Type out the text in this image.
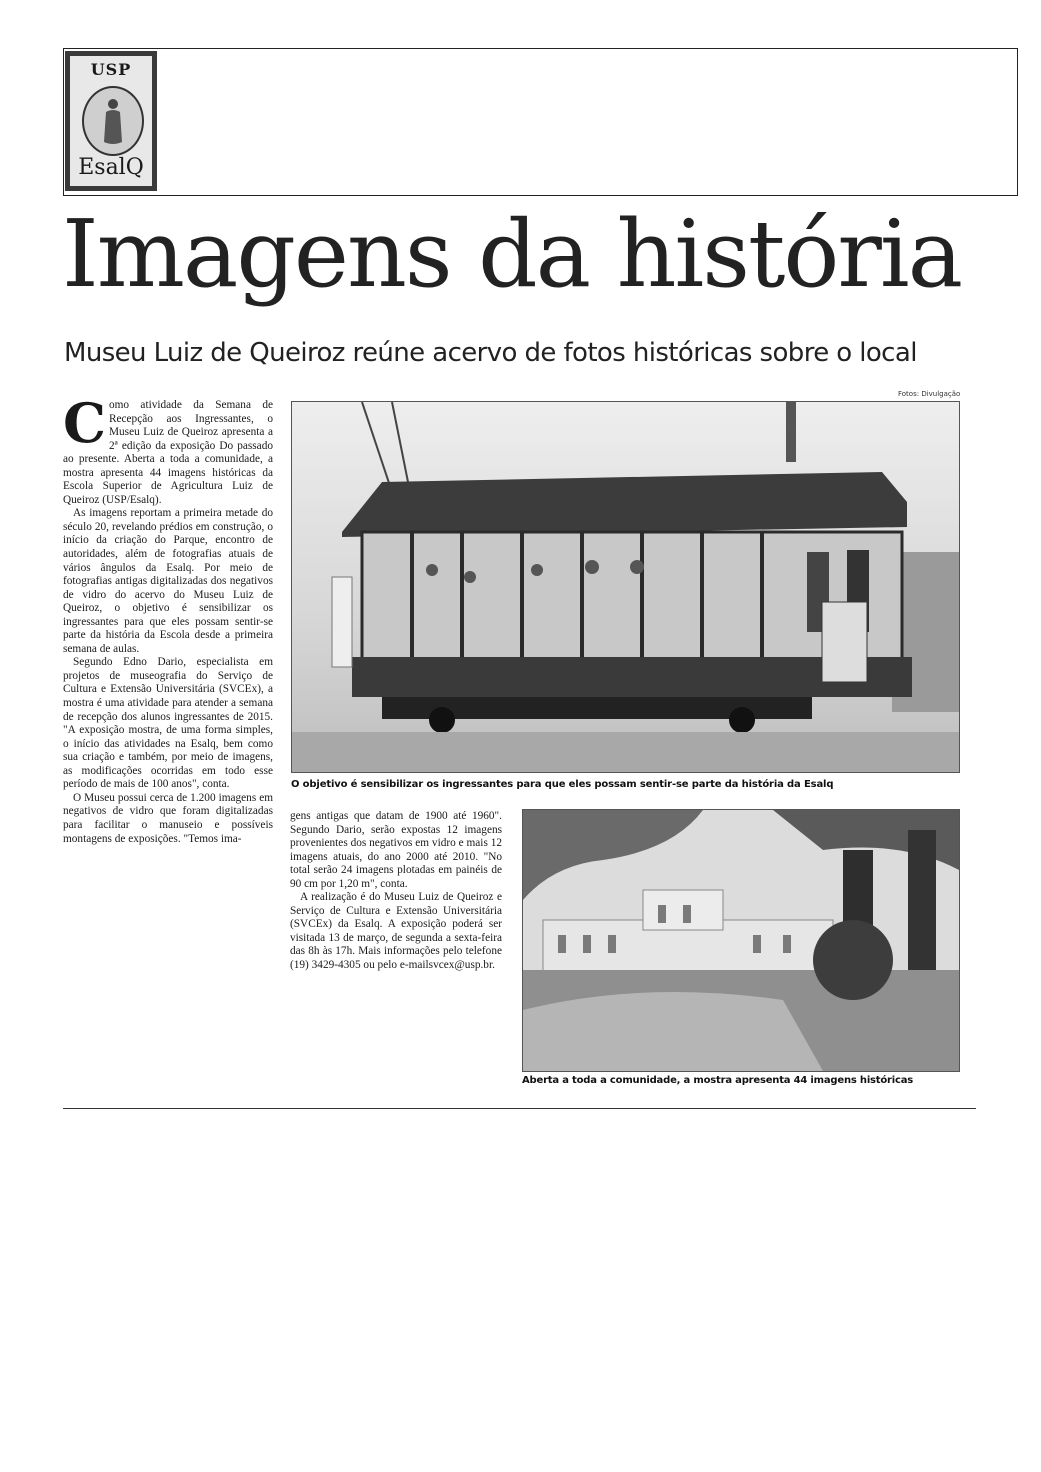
USP
EsalQ
Imagens da história
Museu Luiz de Queiroz reúne acervo de fotos históricas sobre o local
Fotos: Divulgação
C omo atividade da Semana de Recepção aos Ingressantes, o Museu Luiz de Queiroz apresenta a 2ª edição da exposição Do passado ao presente. Aberta a toda a comunidade, a mostra apresenta 44 imagens históricas da Escola Superior de Agricultura Luiz de Queiroz (USP/Esalq).

As imagens reportam a primeira metade do século 20, revelando prédios em construção, o início da criação do Parque, encontro de autoridades, além de fotografias atuais de vários ângulos da Esalq. Por meio de fotografias antigas digitalizadas dos negativos de vidro do acervo do Museu Luiz de Queiroz, o objetivo é sensibilizar os ingressantes para que eles possam sentir-se parte da história da Escola desde a primeira semana de aulas.

Segundo Edno Dario, especialista em projetos de museografia do Serviço de Cultura e Extensão Universitária (SVCEx), a mostra é uma atividade para atender a semana de recepção dos alunos ingressantes de 2015. "A exposição mostra, de uma forma simples, o início das atividades na Esalq, bem como sua criação e também, por meio de imagens, as modificações ocorridas em todo esse período de mais de 100 anos", conta.

O Museu possui cerca de 1.200 imagens em negativos de vidro que foram digitalizadas para facilitar o manuseio e possíveis montagens de exposições. "Temos ima-

gens antigas que datam de 1900 até 1960". Segundo Dario, serão expostas 12 imagens provenientes dos negativos em vidro e mais 12 imagens atuais, do ano 2000 até 2010. "No total serão 24 imagens plotadas em painéis de 90 cm por 1,20 m", conta.

A realização é do Museu Luiz de Queiroz e Serviço de Cultura e Extensão Universitária (SVCEx) da Esalq. A exposição poderá ser visitada 13 de março, de segunda a sexta-feira das 8h às 17h. Mais informações pelo telefone (19) 3429-4305 ou pelo e-mailsvcex@usp.br.

O objetivo é sensibilizar os ingressantes para que eles possam sentir-se parte da história da Esalq
Aberta a toda a comunidade, a mostra apresenta 44 imagens históricas
